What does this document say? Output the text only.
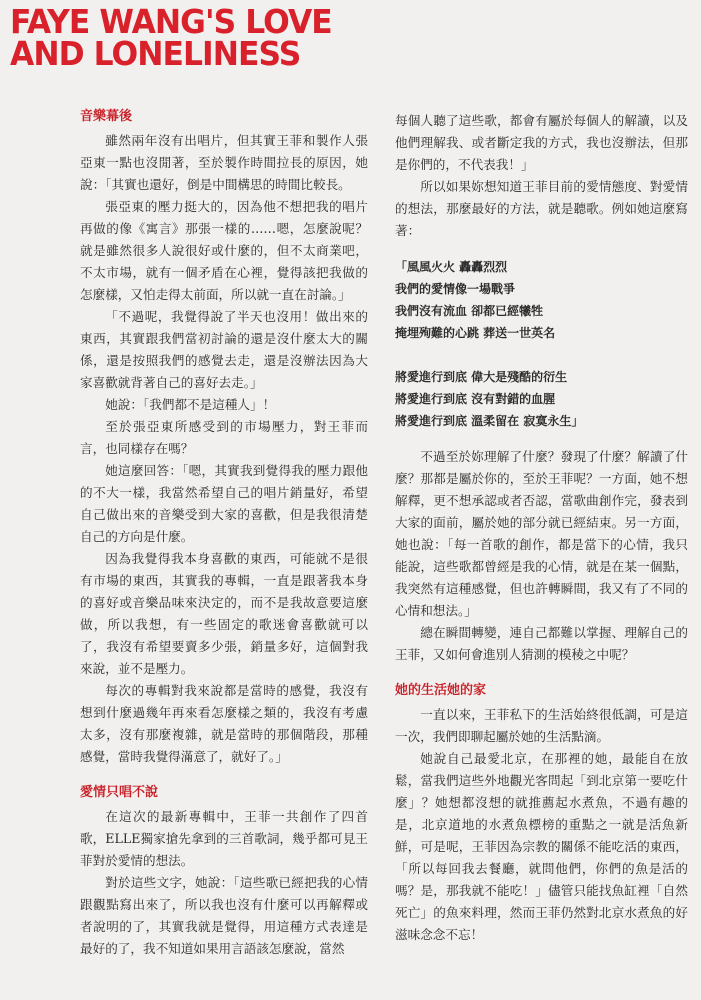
FAYE WANG'S LOVE
AND LONELINESS
音樂幕後

雖然兩年沒有出唱片，但其實王菲和製作人張亞東一點也沒閒著，至於製作時間拉長的原因，她說：「其實也還好，倒是中間構思的時間比較長。

張亞東的壓力挺大的，因為他不想把我的唱片再做的像《寓言》那張一樣的……嗯，怎麼說呢？就是雖然很多人說很好或什麼的，但不太商業吧，不太市場，就有一個矛盾在心裡，覺得該把我做的怎麼樣，又怕走得太前面，所以就一直在討論。」

「不過呢，我覺得說了半天也沒用！做出來的東西，其實跟我們當初討論的還是沒什麼太大的關係，還是按照我們的感覺去走，還是沒辦法因為大家喜歡就背著自己的喜好去走。」

她說：「我們都不是這種人」！

至於張亞東所感受到的市場壓力，對王菲而言，也同樣存在嗎？

她這麼回答：「嗯，其實我到覺得我的壓力跟他的不大一樣，我當然希望自己的唱片銷量好，希望自己做出來的音樂受到大家的喜歡，但是我很清楚自己的方向是什麼。

因為我覺得我本身喜歡的東西，可能就不是很有市場的東西，其實我的專輯，一直是跟著我本身的喜好或音樂品味來決定的，而不是我故意要這麼做，所以我想，有一些固定的歌迷會喜歡就可以了，我沒有希望要賣多少張，銷量多好，這個對我來說，並不是壓力。

每次的專輯對我來說都是當時的感覺，我沒有想到什麼過幾年再來看怎麼樣之類的，我沒有考慮太多，沒有那麼複雜，就是當時的那個階段，那種感覺，當時我覺得滿意了，就好了。」

愛情只唱不說

在這次的最新專輯中，王菲一共創作了四首歌，ELLE獨家搶先拿到的三首歌詞，幾乎都可見王菲對於愛情的想法。

對於這些文字，她說：「這些歌已經把我的心情跟觀點寫出來了，所以我也沒有什麼可以再解釋或者說明的了，其實我就是覺得，用這種方式表達是最好的了，我不知道如果用言語該怎麼說，當然

每個人聽了這些歌，都會有屬於每個人的解讀，以及他們理解我、或者斷定我的方式，我也沒辦法，但那是你們的，不代表我！」

所以如果妳想知道王菲目前的愛情態度、對愛情的想法，那麼最好的方法，就是聽歌。例如她這麼寫著：

「風風火火 轟轟烈烈
我們的愛情像一場戰爭
我們沒有流血 卻都已經犧牲
掩埋殉難的心跳 葬送一世英名
將愛進行到底 偉大是殘酷的衍生
將愛進行到底 沒有對錯的血腥
將愛進行到底 溫柔留在 寂寞永生」

不過至於妳理解了什麼？發現了什麼？解讀了什麼？那都是屬於你的，至於王菲呢？一方面，她不想解釋，更不想承認或者否認，當歌曲創作完，發表到大家的面前，屬於她的部分就已經結束。另一方面，她也說：「每一首歌的創作，都是當下的心情，我只能說，這些歌都曾經是我的心情，就是在某一個點，我突然有這種感覺，但也許轉瞬間，我又有了不同的心情和想法。」

總在瞬間轉變，連自己都難以掌握、理解自己的王菲，又如何會進別人猜測的模稜之中呢？

她的生活她的家

一直以來，王菲私下的生活始終很低調，可是這一次，我們即聊起屬於她的生活點滴。

她說自己最愛北京，在那裡的她，最能自在放鬆，當我們這些外地觀光客問起「到北京第一要吃什麼」？她想都沒想的就推薦起水煮魚，不過有趣的是，北京道地的水煮魚標榜的重點之一就是活魚新鮮，可是呢，王菲因為宗教的關係不能吃活的東西，「所以每回我去餐廳，就問他們，你們的魚是活的嗎？是，那我就不能吃！」儘管只能找魚缸裡「自然死亡」的魚來料理，然而王菲仍然對北京水煮魚的好滋味念念不忘！
